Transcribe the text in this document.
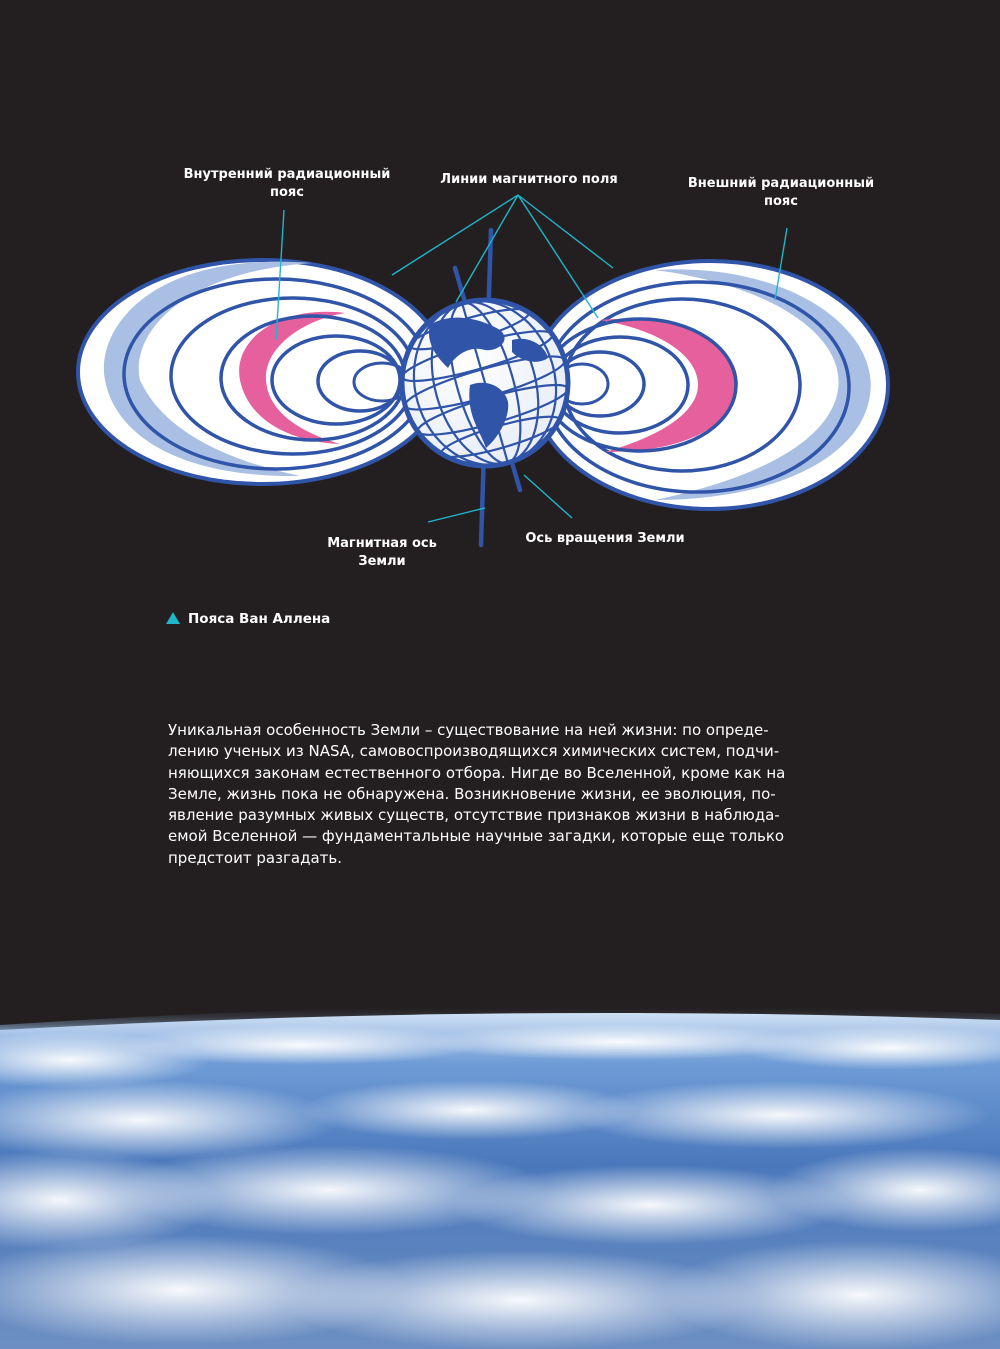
Внутренний радиационный
пояс
Линии магнитного поля	Внешний радиационный
пояс
Магнитная ось
Земли
Ось вращения Земли
Пояса Ван Аллена
Уникальная особенность Земли – существование на ней жизни: по опреде-
лению ученых из NASA, самовоспроизводящихся химических систем, подчи-
няющихся законам естественного отбора. Нигде во Вселенной, кроме как на
Земле, жизнь пока не обнаружена. Возникновение жизни, ее эволюция, по-
явление разумных живых существ, отсутствие признаков жизни в наблюда-
емой Вселенной — фундаментальные научные загадки, которые еще только
предстоит разгадать.
